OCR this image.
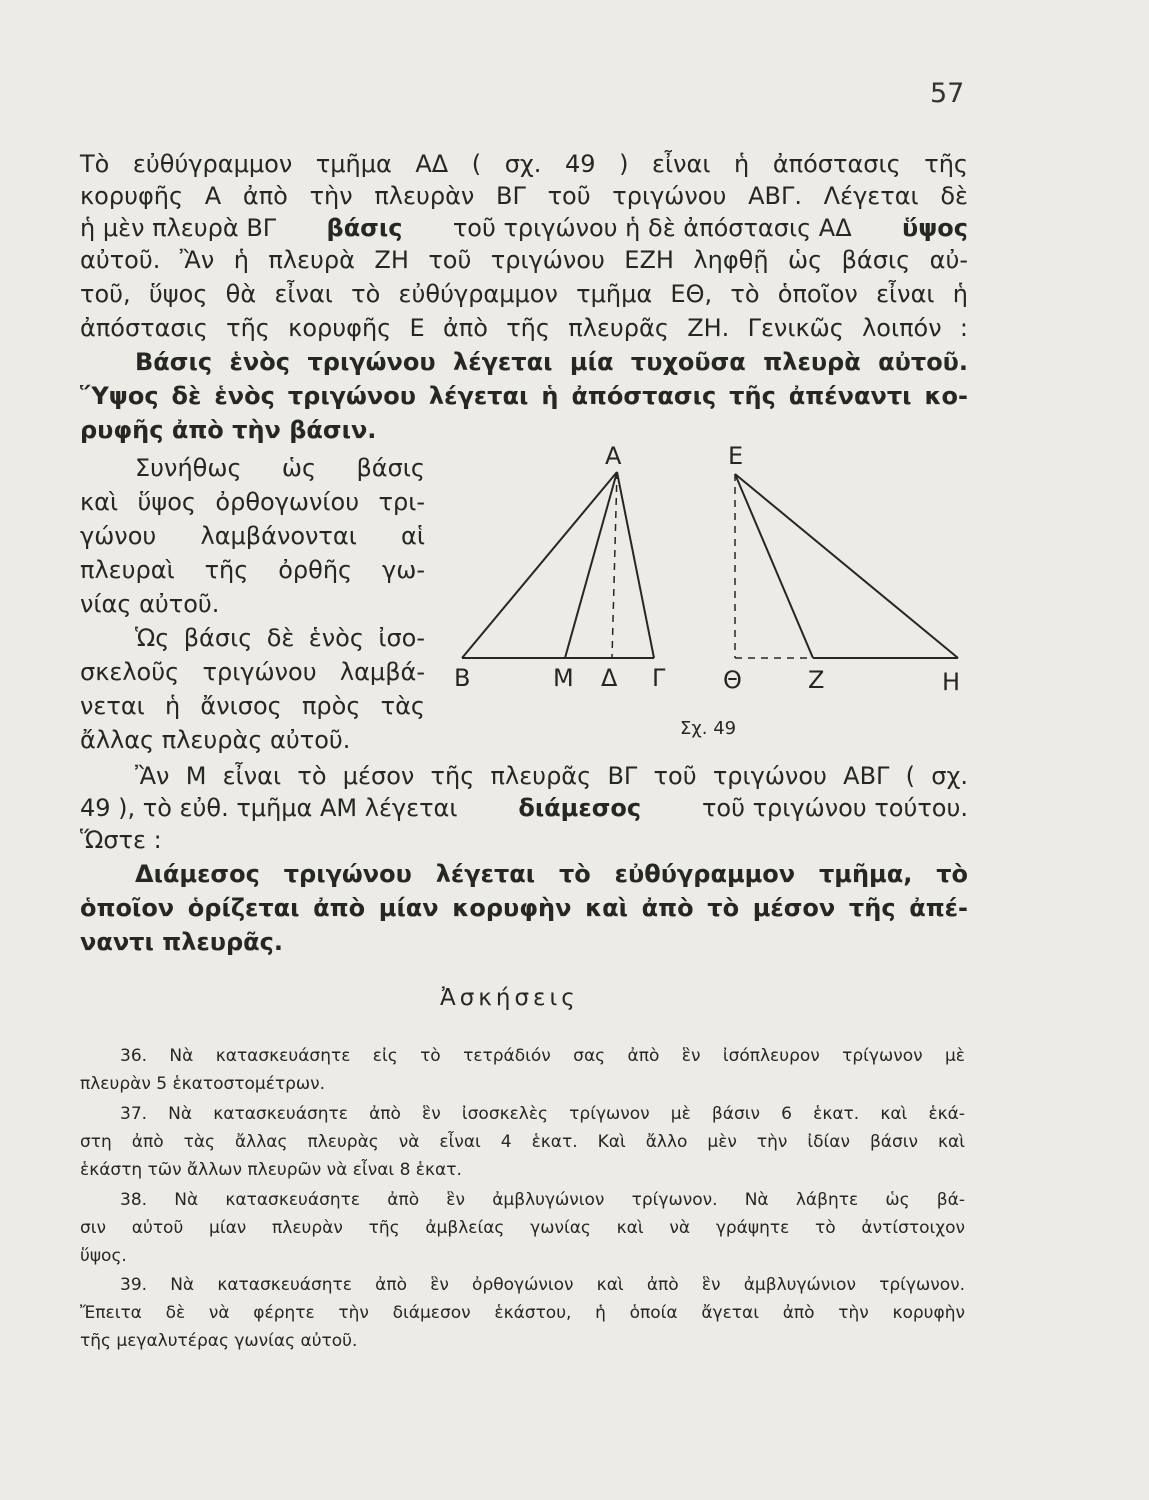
57
Τὸ εὐθύγραμμον τμῆμα ΑΔ ( σχ. 49 ) εἶναι ἡ ἀπόστασις τῆς
κορυφῆς Α ἀπὸ τὴν πλευρὰν ΒΓ τοῦ τριγώνου ΑΒΓ. Λέγεται δὲ
ἡ μὲν πλευρὰ ΒΓ βάσις τοῦ τριγώνου ἡ δὲ ἀπόστασις ΑΔ ὕψος
αὐτοῦ. Ἂν ἡ πλευρὰ ΖΗ τοῦ τριγώνου ΕΖΗ ληφθῇ ὡς βάσις αὐ-
τοῦ, ὕψος θὰ εἶναι τὸ εὐθύγραμμον τμῆμα ΕΘ, τὸ ὁποῖον εἶναι ἡ
ἀπόστασις τῆς κορυφῆς Ε ἀπὸ τῆς πλευρᾶς ΖΗ. Γενικῶς λοιπόν :
Βάσις ἑνὸς τριγώνου λέγεται μία τυχοῦσα πλευρὰ αὐτοῦ.
Ὕψος δὲ ἑνὸς τριγώνου λέγεται ἡ ἀπόστασις τῆς ἀπέναντι κο-
ρυφῆς ἀπὸ τὴν βάσιν.
Συνήθως ὡς βάσις
καὶ ὕψος ὀρθογωνίου τρι-
γώνου λαμβάνονται αἱ
πλευραὶ τῆς ὀρθῆς γω-
νίας αὐτοῦ.
Ὡς βάσις δὲ ἑνὸς ἰσο-
σκελοῦς τριγώνου λαμβά-
νεται ἡ ἄνισος πρὸς τὰς
ἄλλας πλευρὰς αὐτοῦ.
Α	Ε
Β	Μ Δ Γ Θ	Ζ	Η
Σχ. 49
Ἂν Μ εἶναι τὸ μέσον τῆς πλευρᾶς ΒΓ τοῦ τριγώνου ΑΒΓ ( σχ.
49 ), τὸ εὐθ. τμῆμα ΑΜ λέγεται	διάμεσος	τοῦ τριγώνου τούτου.
Ὥστε :
Διάμεσος τριγώνου λέγεται τὸ εὐθύγραμμον τμῆμα, τὸ
ὁποῖον ὁρίζεται ἀπὸ μίαν κορυφὴν καὶ ἀπὸ τὸ μέσον τῆς ἀπέ-
ναντι πλευρᾶς.
Ἀσκήσεις
36. Νὰ κατασκευάσητε εἰς τὸ τετράδιόν σας ἀπὸ ἓν ἰσόπλευρον τρίγωνον μὲ
πλευρὰν 5 ἑκατοστομέτρων.
37. Νὰ κατασκευάσητε ἀπὸ ἓν ἰσοσκελὲς τρίγωνον μὲ βάσιν 6 ἑκατ. καὶ ἑκά-
στη ἀπὸ τὰς ἄλλας πλευρὰς νὰ εἶναι 4 ἑκατ. Καὶ ἄλλο μὲν τὴν ἰδίαν βάσιν καὶ
ἑκάστη τῶν ἄλλων πλευρῶν νὰ εἶναι 8 ἑκατ.
38. Νὰ κατασκευάσητε ἀπὸ ἓν ἀμβλυγώνιον τρίγωνον. Νὰ λάβητε ὡς βά-
σιν αὐτοῦ μίαν πλευρὰν τῆς ἀμβλείας γωνίας καὶ νὰ γράψητε τὸ ἀντίστοιχον
ὕψος.
39. Νὰ κατασκευάσητε ἀπὸ ἓν ὀρθογώνιον καὶ ἀπὸ ἓν ἀμβλυγώνιον τρίγωνον.
Ἔπειτα δὲ νὰ φέρητε τὴν διάμεσον ἑκάστου, ἡ ὁποία ἄγεται ἀπὸ τὴν κορυφὴν
τῆς μεγαλυτέρας γωνίας αὐτοῦ.
